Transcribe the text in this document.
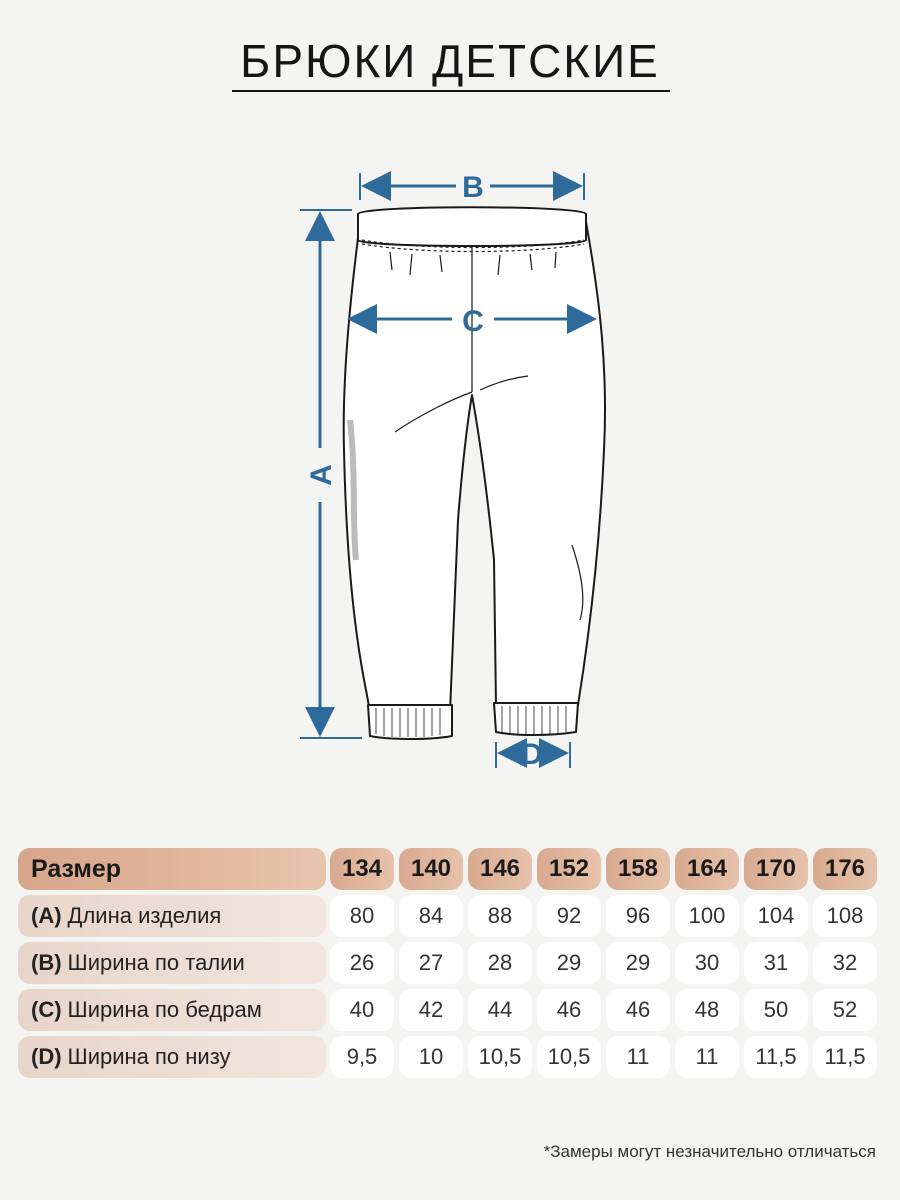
БРЮКИ ДЕТСКИЕ
B
C
A
D
Размер	134	140	146	152	158	164	170	176
(A) Длина изделия	80	84	88	92	96	100	104	108
(B) Ширина по талии	26	27	28	29	29	30	31	32
(C) Ширина по бедрам	40	42	44	46	46	48	50	52
(D) Ширина по низу	9,5	10	10,5	10,5	11	11	11,5	11,5
*Замеры могут незначительно отличаться
